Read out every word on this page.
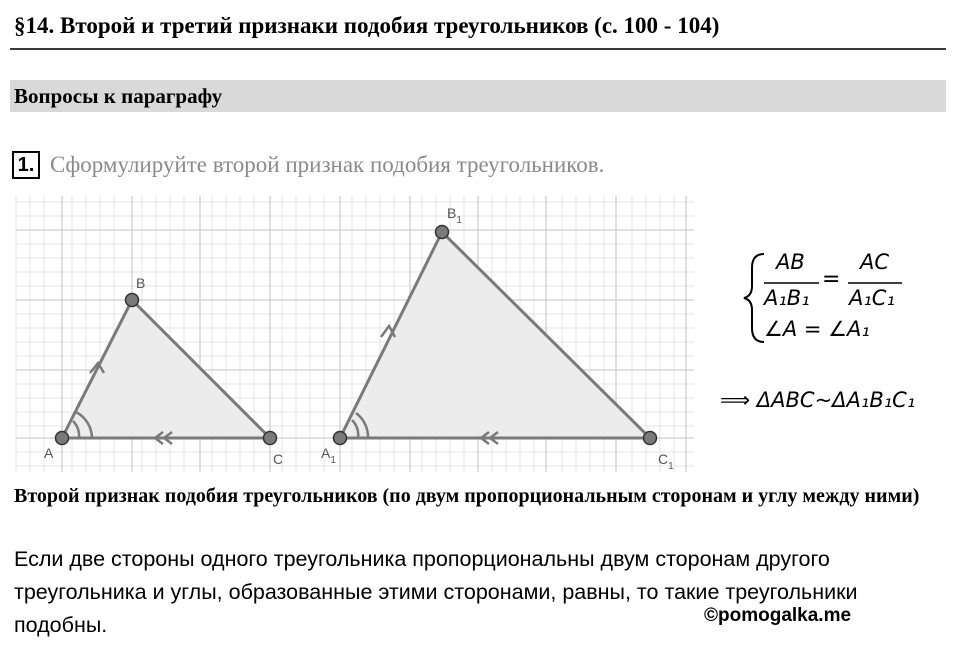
§14. Второй и третий признаки подобия треугольников (с. 100 - 104)
Вопросы к параграфу
1. Сформулируйте второй признак подобия треугольников.
A
B
C	$A_1$
$B_1$
$C_1$
AB
A₁B₁
=
AC
A₁C₁
∠A = ∠A₁
⟹ ΔABC~ΔA₁B₁C₁
Второй признак подобия треугольников (по двум пропорциональным сторонам и углу между ними)
Если две стороны одного треугольника пропорциональны двум сторонам другого треугольника и углы, образованные этими сторонами, равны, то такие треугольники подобны.	©pomogalka.me
